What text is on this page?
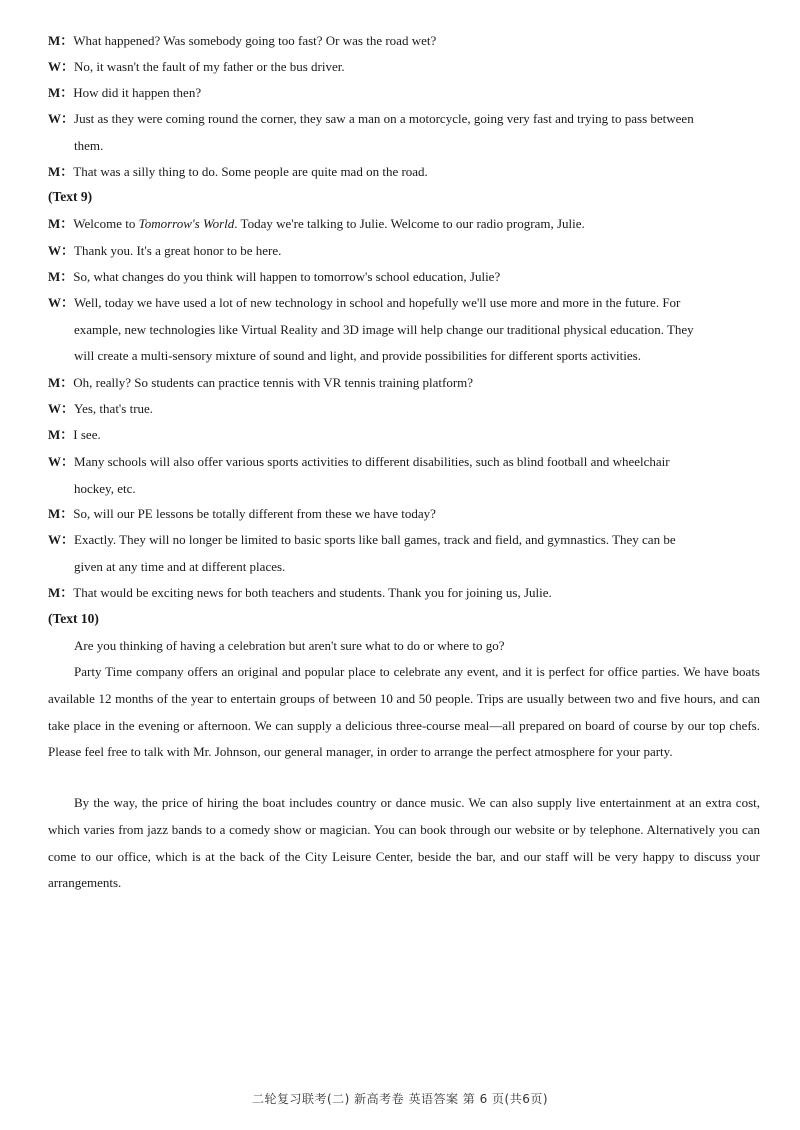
M：What happened? Was somebody going too fast? Or was the road wet?
W：No, it wasn't the fault of my father or the bus driver.
M：How did it happen then?
W：Just as they were coming round the corner, they saw a man on a motorcycle, going very fast and trying to pass between
them.
M：That was a silly thing to do. Some people are quite mad on the road.
(Text 9)
M：Welcome to Tomorrow's World. Today we're talking to Julie. Welcome to our radio program, Julie.
W：Thank you. It's a great honor to be here.
M：So, what changes do you think will happen to tomorrow's school education, Julie?
W：Well, today we have used a lot of new technology in school and hopefully we'll use more and more in the future. For
example, new technologies like Virtual Reality and 3D image will help change our traditional physical education. They
will create a multi-sensory mixture of sound and light, and provide possibilities for different sports activities.
M：Oh, really? So students can practice tennis with VR tennis training platform?
W：Yes, that's true.
M：I see.
W：Many schools will also offer various sports activities to different disabilities, such as blind football and wheelchair
hockey, etc.
M：So, will our PE lessons be totally different from these we have today?
W：Exactly. They will no longer be limited to basic sports like ball games, track and field, and gymnastics. They can be
given at any time and at different places.
M：That would be exciting news for both teachers and students. Thank you for joining us, Julie.
(Text 10)
Are you thinking of having a celebration but aren't sure what to do or where to go?
Party Time company offers an original and popular place to celebrate any event, and it is perfect for office parties. We have boats available 12 months of the year to entertain groups of between 10 and 50 people. Trips are usually between two and five hours, and can take place in the evening or afternoon. We can supply a delicious three-course meal—all prepared on board of course by our top chefs. Please feel free to talk with Mr. Johnson, our general manager, in order to arrange the perfect atmosphere for your party.
By the way, the price of hiring the boat includes country or dance music. We can also supply live entertainment at an extra cost, which varies from jazz bands to a comedy show or magician. You can book through our website or by telephone. Alternatively you can come to our office, which is at the back of the City Leisure Center, beside the bar, and our staff will be very happy to discuss your arrangements.
二轮复习联考(二) 新高考卷 英语答案 第 6 页(共6页)
